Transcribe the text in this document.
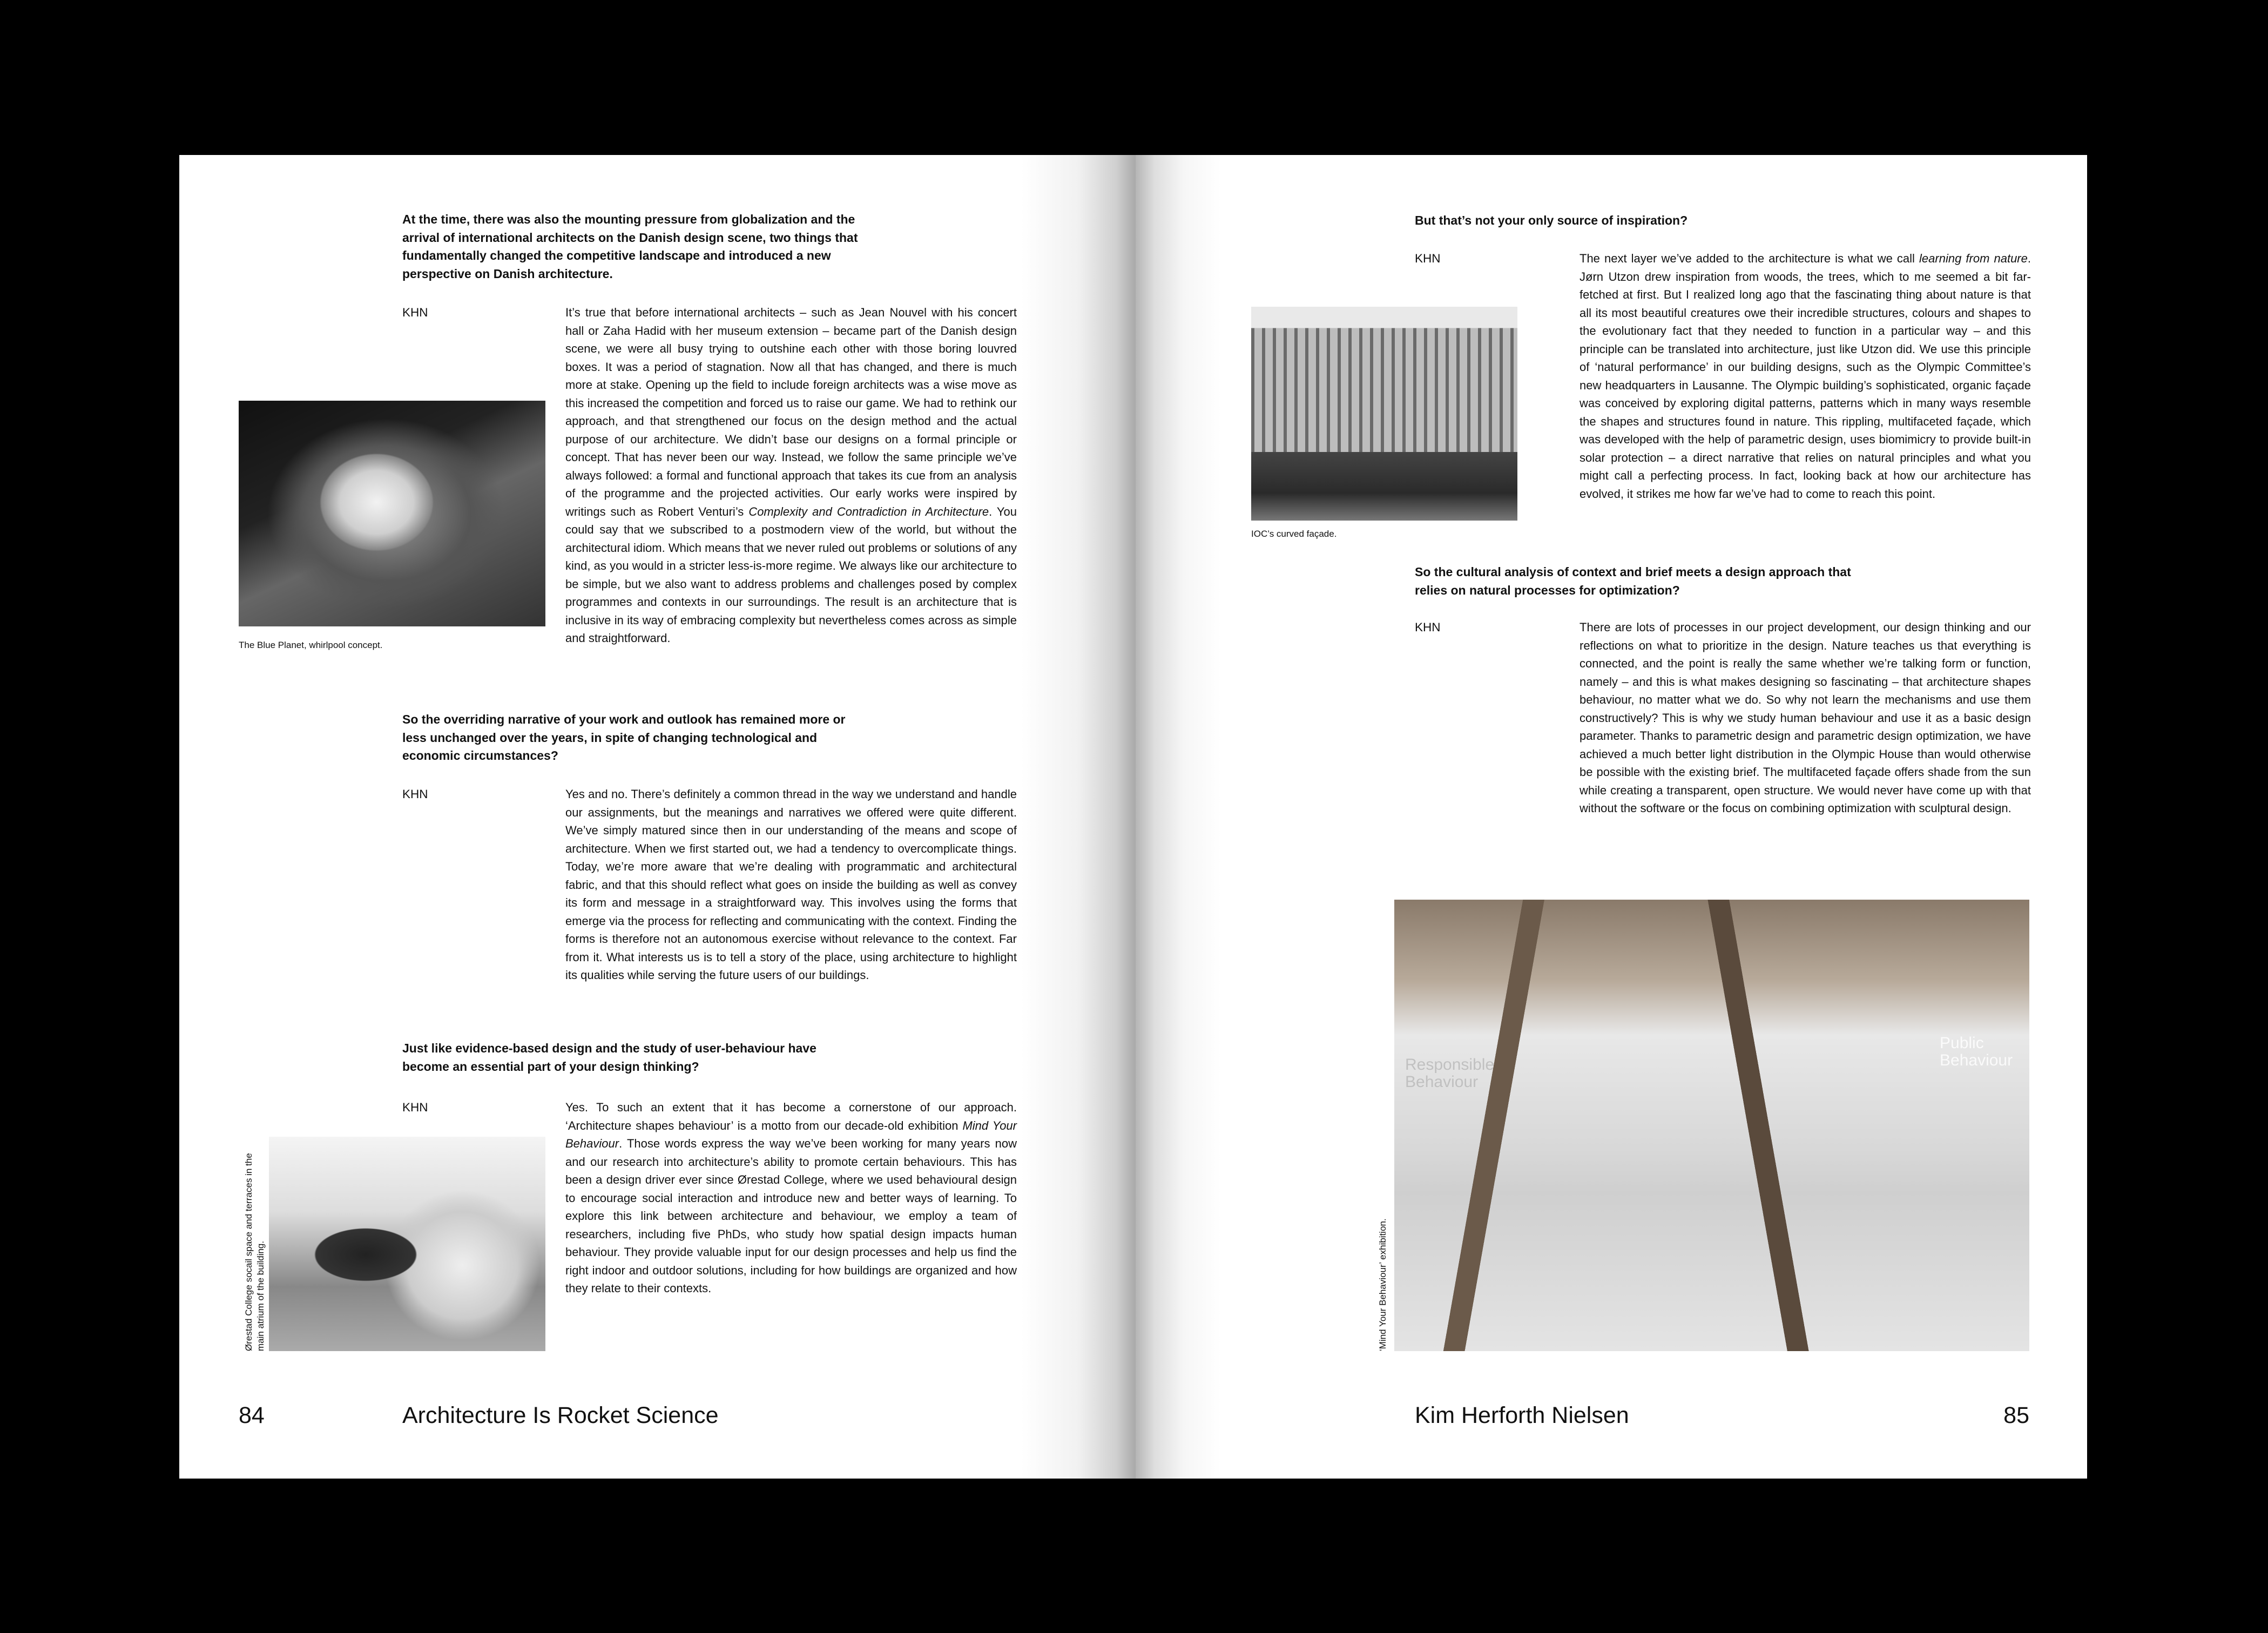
At the time, there was also the mounting pressure from globalization and the arrival of international architects on the Danish design scene, two things that fundamentally changed the competitive landscape and introduced a new perspective on Danish architecture.
KHN	It’s true that before international architects – such as Jean Nouvel with his concert hall or Zaha Hadid with her museum extension – became part of the Danish design scene, we were all busy trying to outshine each other with those boring louvred boxes. It was a period of stagnation. Now all that has changed, and there is much more at stake. Opening up the field to include foreign architects was a wise move as this increased the competition and forced us to raise our game. We had to rethink our approach, and that strengthened our focus on the design method and the actual purpose of our architecture. We didn’t base our designs on a formal principle or concept. That has never been our way. Instead, we follow the same principle we’ve always followed: a formal and functional approach that takes its cue from an analysis of the programme and the projected activities. Our early works were inspired by writings such as Robert Venturi’s Complexity and Contradiction in Architecture. You could say that we subscribed to a postmodern view of the world, but without the architectural idiom. Which means that we never ruled out problems or solutions of any kind, as you would in a stricter less-is-more regime. We always like our architecture to be simple, but we also want to address problems and challenges posed by complex programmes and contexts in our surroundings. The result is an architecture that is inclusive in its way of embracing complexity but nevertheless comes across as simple and straightforward.
The Blue Planet, whirlpool concept.
So the overriding narrative of your work and outlook has remained more or less unchanged over the years, in spite of changing technological and economic circumstances?
KHN	Yes and no. There’s definitely a common thread in the way we understand and handle our assignments, but the meanings and narratives we offered were quite different. We’ve simply matured since then in our understanding of the means and scope of architecture. When we first started out, we had a tendency to overcomplicate things. Today, we’re more aware that we’re dealing with programmatic and architectural fabric, and that this should reflect what goes on inside the building as well as convey its form and message in a straightforward way. This involves using the forms that emerge via the process for reflecting and communicating with the context. Finding the forms is therefore not an autonomous exercise without relevance to the context. Far from it. What interests us is to tell a story of the place, using architecture to highlight its qualities while serving the future users of our buildings.
Just like evidence-based design and the study of user-behaviour have become an essential part of your design thinking?
KHN	Yes. To such an extent that it has become a cornerstone of our approach. ‘Architecture shapes behaviour’ is a motto from our decade-old exhibition Mind Your Behaviour. Those words express the way we’ve been working for many years now and our research into architecture’s ability to promote certain behaviours. This has been a design driver ever since Ørestad College, where we used behavioural design to encourage social interaction and introduce new and better ways of learning. To explore this link between architecture and behaviour, we employ a team of researchers, including five PhDs, who study how spatial design impacts human behaviour. They provide valuable input for our design processes and help us find the right indoor and outdoor solutions, including for how buildings are organized and how they relate to their contexts.
Ørestad College socail space and terraces in the main atrium of the building.
84	Architecture Is Rocket Science
But that’s not your only source of inspiration?
KHN	The next layer we’ve added to the architecture is what we call learning from nature. Jørn Utzon drew inspiration from woods, the trees, which to me seemed a bit far-fetched at first. But I realized long ago that the fascinating thing about nature is that all its most beautiful creatures owe their incredible structures, colours and shapes to the evolutionary fact that they needed to function in a particular way – and this principle can be translated into architecture, just like Utzon did. We use this principle of ‘natural performance’ in our building designs, such as the Olympic Committee’s new headquarters in Lausanne. The Olympic building’s sophisticated, organic façade was conceived by exploring digital patterns, patterns which in many ways resemble the shapes and structures found in nature. This rippling, multifaceted façade, which was developed with the help of parametric design, uses biomimicry to provide built-in solar protection – a direct narrative that relies on natural principles and what you might call a perfecting process. In fact, looking back at how our architecture has evolved, it strikes me how far we’ve had to come to reach this point.
IOC’s curved façade.
So the cultural analysis of context and brief meets a design approach that relies on natural processes for optimization?
KHN	There are lots of processes in our project development, our design thinking and our reflections on what to prioritize in the design. Nature teaches us that everything is connected, and the point is really the same whether we’re talking form or function, namely – and this is what makes designing so fascinating – that architecture shapes behaviour, no matter what we do. So why not learn the mechanisms and use them constructively? This is why we study human behaviour and use it as a basic design parameter. Thanks to parametric design and parametric design optimization, we have achieved a much better light distribution in the Olympic House than would otherwise be possible with the existing brief. The multifaceted façade offers shade from the sun while creating a transparent, open structure. We would never have come up with that without the software or the focus on combining optimization with sculptural design.
Responsible Behaviour
Public Behaviour
‘Mind Your Behaviour’ exhibition.
Kim Herforth Nielsen	85
